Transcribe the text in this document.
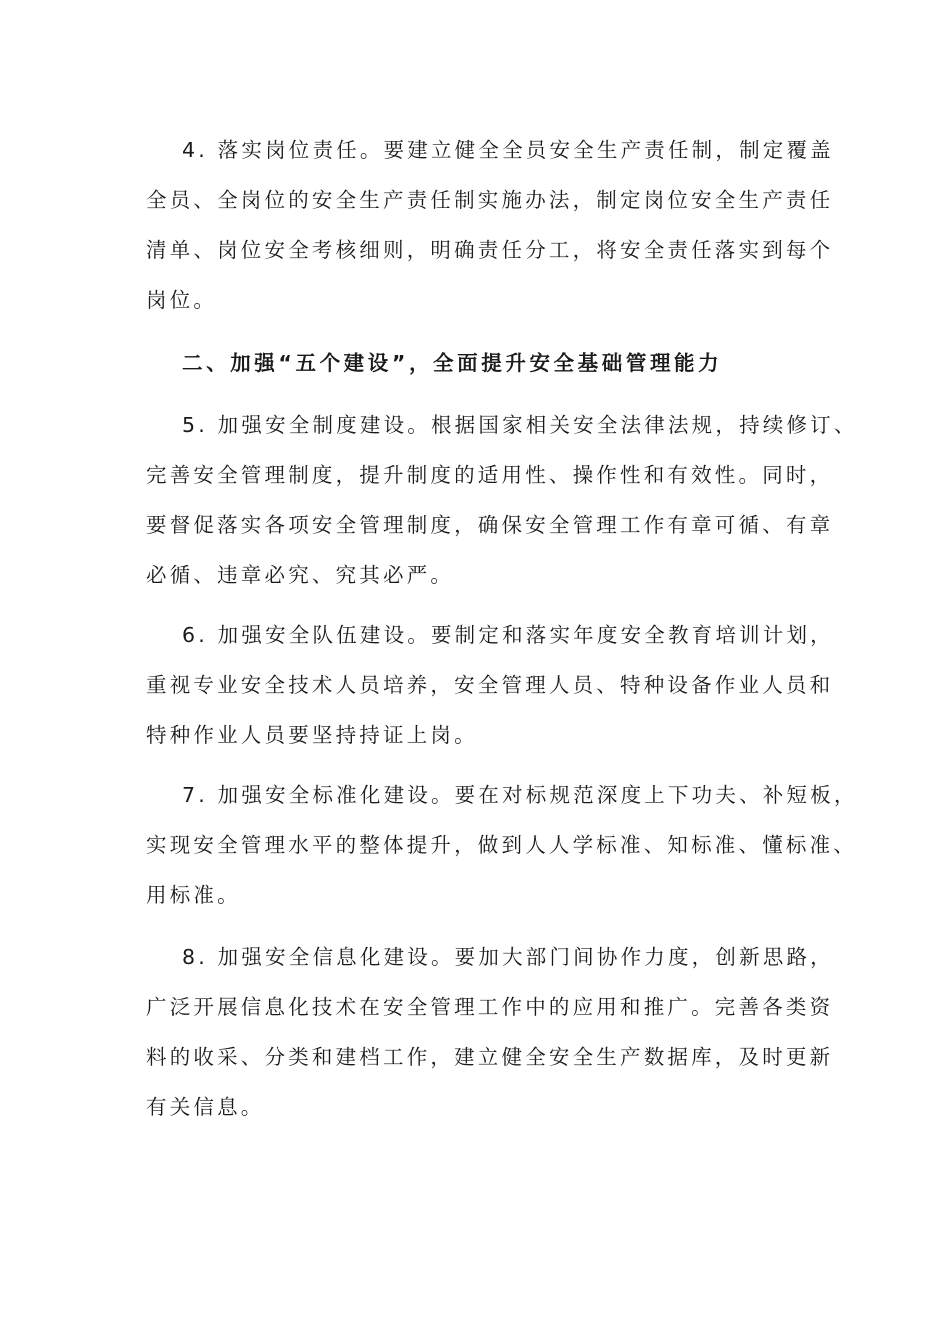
4. 落实岗位责任。要建立健全全员安全生产责任制，制定覆盖
全员、全岗位的安全生产责任制实施办法，制定岗位安全生产责任
清单、岗位安全考核细则，明确责任分工，将安全责任落实到每个
岗位。
二、加强“五个建设”，全面提升安全基础管理能力
5. 加强安全制度建设。根据国家相关安全法律法规，持续修订、
完善安全管理制度，提升制度的适用性、操作性和有效性。同时，
要督促落实各项安全管理制度，确保安全管理工作有章可循、有章
必循、违章必究、究其必严。
6. 加强安全队伍建设。要制定和落实年度安全教育培训计划，
重视专业安全技术人员培养，安全管理人员、特种设备作业人员和
特种作业人员要坚持持证上岗。
7. 加强安全标准化建设。要在对标规范深度上下功夫、补短板，
实现安全管理水平的整体提升，做到人人学标准、知标准、懂标准、
用标准。
8. 加强安全信息化建设。要加大部门间协作力度，创新思路，
广泛开展信息化技术在安全管理工作中的应用和推广。完善各类资
料的收采、分类和建档工作，建立健全安全生产数据库，及时更新
有关信息。
